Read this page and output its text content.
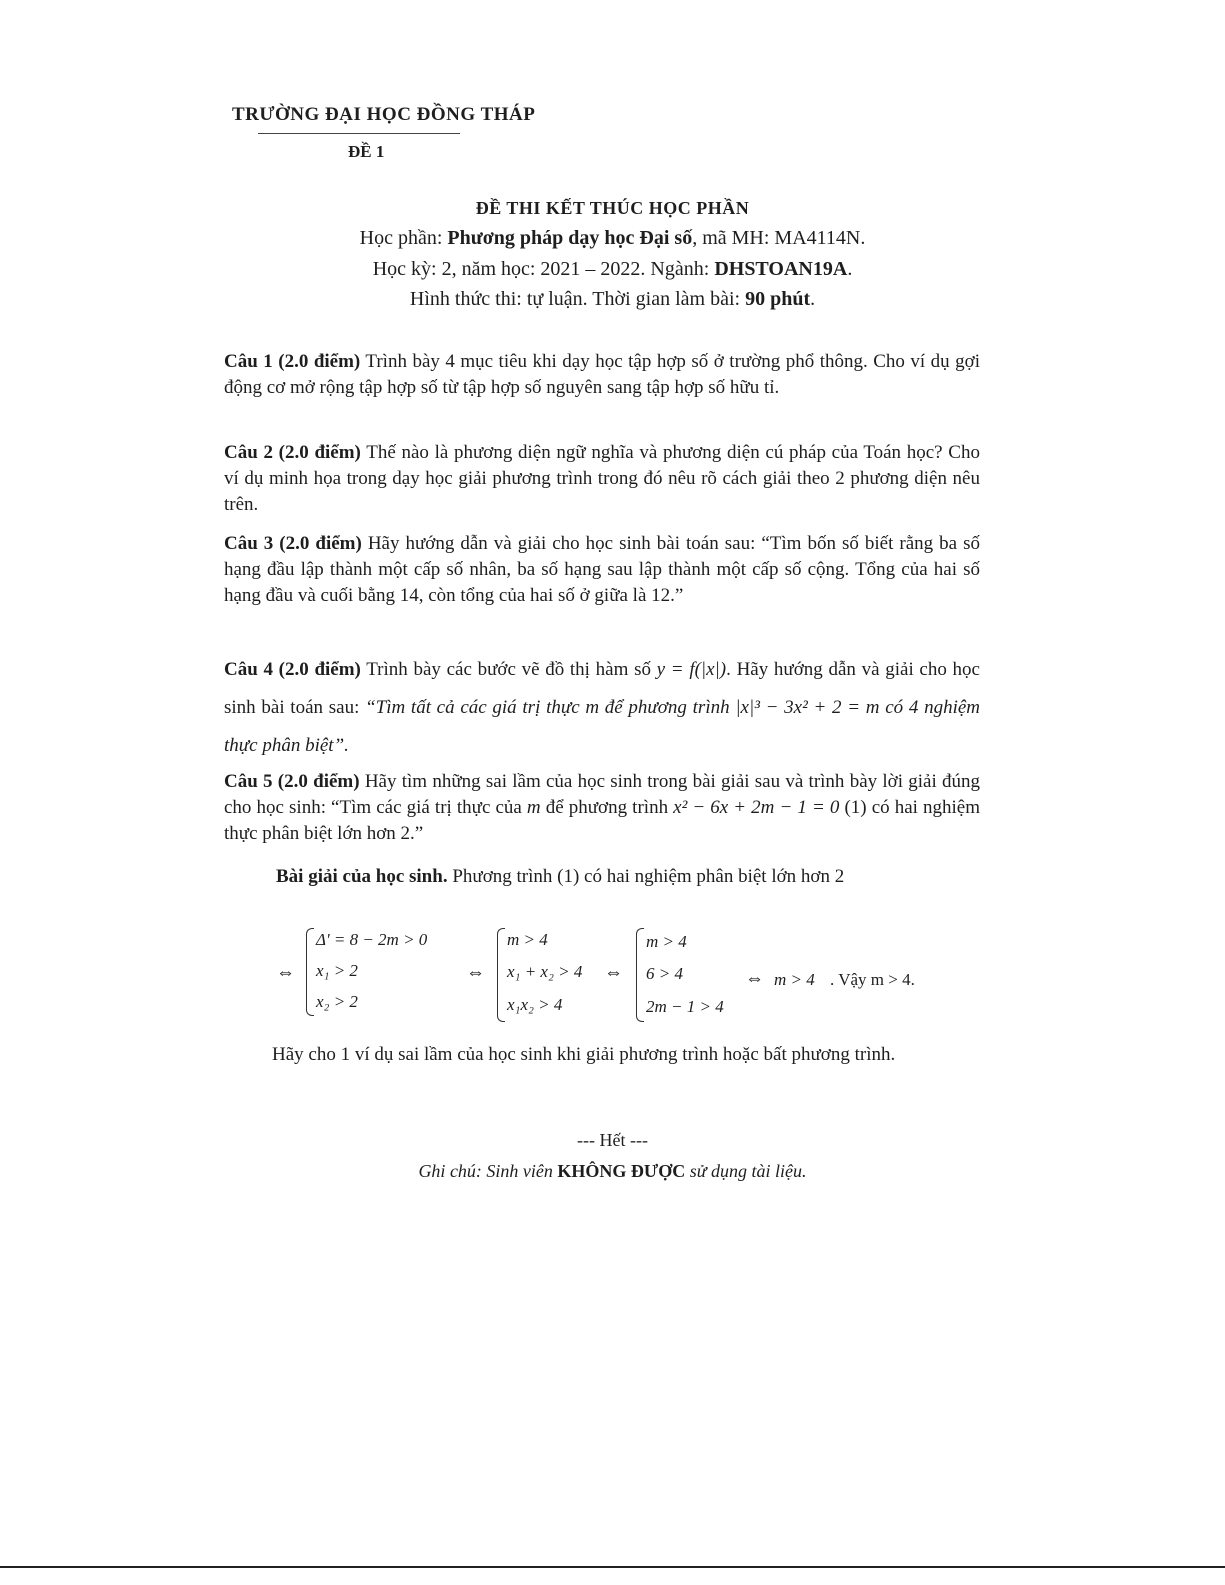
TRƯỜNG ĐẠI HỌC ĐỒNG THÁP
ĐỀ 1
ĐỀ THI KẾT THÚC HỌC PHẦN
Học phần: Phương pháp dạy học Đại số, mã MH: MA4114N.
Học kỳ: 2, năm học: 2021 – 2022. Ngành: DHSTOAN19A.
Hình thức thi: tự luận. Thời gian làm bài: 90 phút.
Câu 1 (2.0 điểm) Trình bày 4 mục tiêu khi dạy học tập hợp số ở trường phổ thông. Cho ví dụ gợi động cơ mở rộng tập hợp số từ tập hợp số nguyên sang tập hợp số hữu tỉ.
Câu 2 (2.0 điểm) Thế nào là phương diện ngữ nghĩa và phương diện cú pháp của Toán học? Cho ví dụ minh họa trong dạy học giải phương trình trong đó nêu rõ cách giải theo 2 phương diện nêu trên.
Câu 3 (2.0 điểm) Hãy hướng dẫn và giải cho học sinh bài toán sau: “Tìm bốn số biết rằng ba số hạng đầu lập thành một cấp số nhân, ba số hạng sau lập thành một cấp số cộng. Tổng của hai số hạng đầu và cuối bằng 14, còn tổng của hai số ở giữa là 12.”
Câu 4 (2.0 điểm) Trình bày các bước vẽ đồ thị hàm số y = f(|x|). Hãy hướng dẫn và giải cho học sinh bài toán sau: “Tìm tất cả các giá trị thực m để phương trình |x|³ − 3x² + 2 = m có 4 nghiệm thực phân biệt”.
Câu 5 (2.0 điểm) Hãy tìm những sai lầm của học sinh trong bài giải sau và trình bày lời giải đúng cho học sinh: “Tìm các giá trị thực của m để phương trình x² − 6x + 2m − 1 = 0 (1) có hai nghiệm thực phân biệt lớn hơn 2.”
Bài giải của học sinh. Phương trình (1) có hai nghiệm phân biệt lớn hơn 2
⇔
Δ' = 8 − 2m > 0
x₁ > 2
x₂ > 2
⇔
m > 4
x₁ + x₂ > 4
x₁x₂ > 4
⇔
m > 4
6 > 4
2m − 1 > 4
⇔ m > 4 . Vậy m > 4.
Hãy cho 1 ví dụ sai lầm của học sinh khi giải phương trình hoặc bất phương trình.
--- Hết ---
Ghi chú: Sinh viên KHÔNG ĐƯỢC sử dụng tài liệu.
